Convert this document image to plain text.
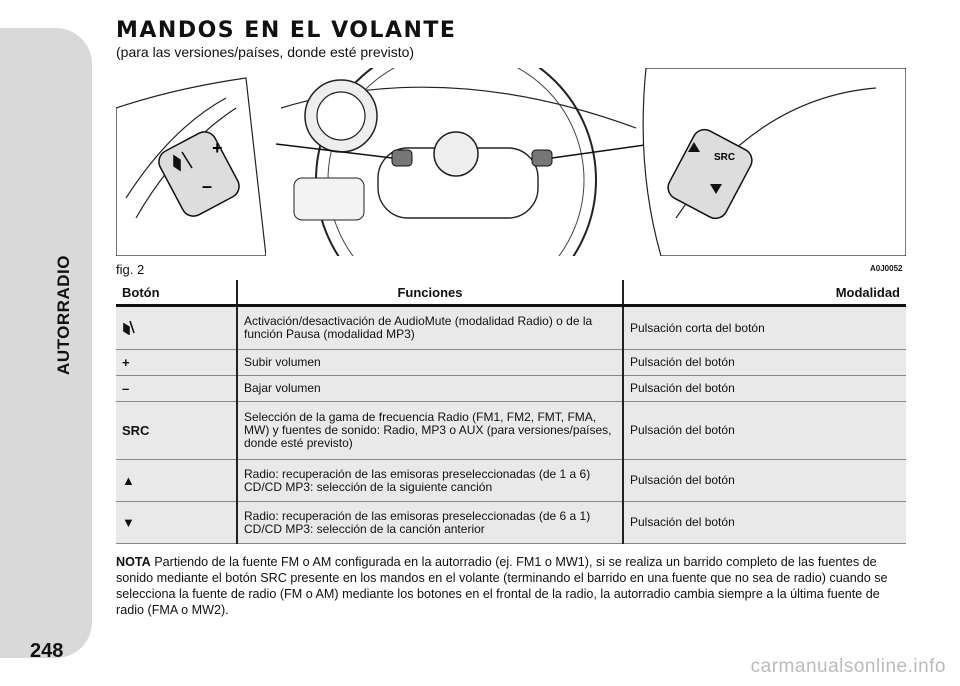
AUTORRADIO
248
MANDOS EN EL VOLANTE
(para las versiones/países, donde esté previsto)
+
–
SRC
fig. 2	A0J0052
Botón	Funciones	Modalidad
	Activación/desactivación de AudioMute (modalidad Radio) o de la función Pausa (modalidad MP3)	Pulsación corta del botón
+	Subir volumen	Pulsación del botón
–	Bajar volumen	Pulsación del botón
SRC	Selección de la gama de frecuencia Radio (FM1, FM2, FMT, FMA, MW) y fuentes de sonido: Radio, MP3 o AUX (para versiones/países, donde esté previsto)	Pulsación del botón
▲	Radio: recuperación de las emisoras preseleccionadas (de 1 a 6) CD/CD MP3: selección de la siguiente canción	Pulsación del botón
▼	Radio: recuperación de las emisoras preseleccionadas (de 6 a 1) CD/CD MP3: selección de la canción anterior	Pulsación del botón
NOTA Partiendo de la fuente FM o AM configurada en la autorradio (ej. FM1 o MW1), si se realiza un barrido completo de las fuentes de sonido mediante el botón SRC presente en los mandos en el volante (terminando el barrido en una fuente que no sea de radio) cuando se selecciona la fuente de radio (FM o AM) mediante los botones en el frontal de la radio, la autorradio cambia siempre a la última fuente de radio (FMA o MW2).
carmanualsonline.info
